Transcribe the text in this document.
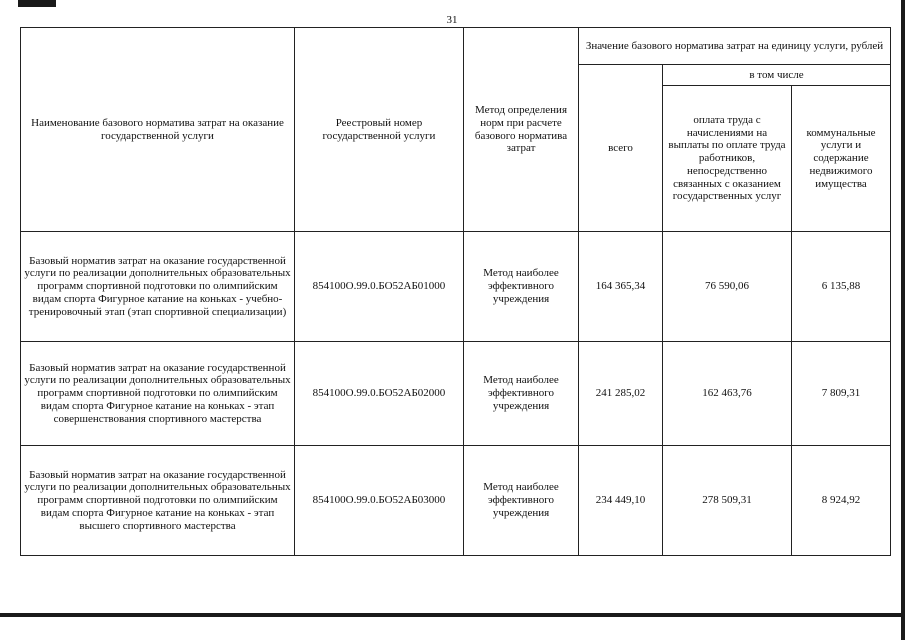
31
Наименование базового норматива затрат на оказание государственной услуги	Реестровый номер государственной услуги	Метод определения норм при расчете базового норматива затрат	Значение базового норматива затрат на единицу услуги, рублей		
			всего	в том числе	
				оплата труда с начислениями на выплаты по оплате труда работников, непосредственно связанных с оказанием государственных услуг	коммунальные услуги и содержание недвижимого имущества
Базовый норматив затрат на оказание государственной услуги по реализации дополнительных образовательных программ спортивной подготовки по олимпийским видам спорта Фигурное катание на коньках - учебно-тренировочный этап (этап спортивной специализации)	854100О.99.0.БО52АБ01000	Метод наиболее эффективного учреждения	164 365,34	76 590,06	6 135,88
Базовый норматив затрат на оказание государственной услуги по реализации дополнительных образовательных программ спортивной подготовки по олимпийским видам спорта Фигурное катание на коньках - этап совершенствования спортивного мастерства	854100О.99.0.БО52АБ02000	Метод наиболее эффективного учреждения	241 285,02	162 463,76	7 809,31
Базовый норматив затрат на оказание государственной услуги по реализации дополнительных образовательных программ спортивной подготовки по олимпийским видам спорта Фигурное катание на коньках - этап высшего спортивного мастерства	854100О.99.0.БО52АБ03000	Метод наиболее эффективного учреждения	234 449,10	278 509,31	8 924,92
